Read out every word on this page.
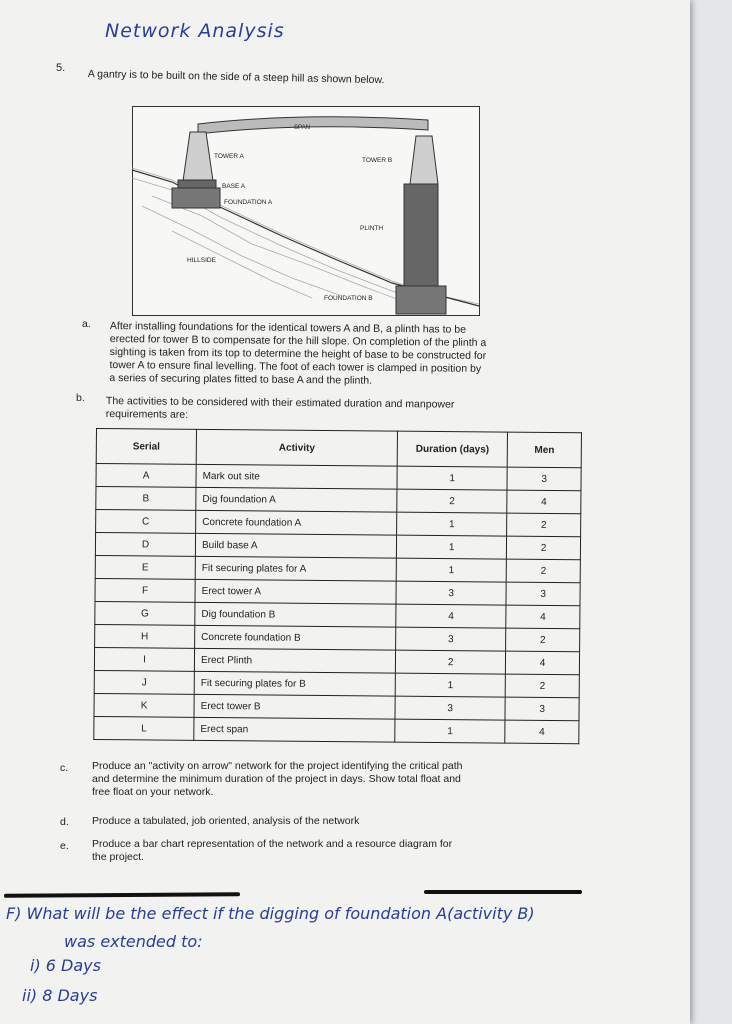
Network Analysis
5. A gantry is to be built on the side of a steep hill as shown below.
SPAN
TOWER A
TOWER B
BASE A
FOUNDATION A
PLINTH
HILLSIDE
FOUNDATION B
a. After installing foundations for the identical towers A and B, a plinth has to be
erected for tower B to compensate for the hill slope. On completion of the plinth a
sighting is taken from its top to determine the height of base to be constructed for
tower A to ensure final levelling. The foot of each tower is clamped in position by
a series of securing plates fitted to base A and the plinth.
b. The activities to be considered with their estimated duration and manpower
requirements are:
Serial	Activity	Duration (days)	Men
A	Mark out site	1	3
B	Dig foundation A	2	4
C	Concrete foundation A	1	2
D	Build base A	1	2
E	Fit securing plates for A	1	2
F	Erect tower A	3	3
G	Dig foundation B	4	4
H	Concrete foundation B	3	2
I	Erect Plinth	2	4
J	Fit securing plates for B	1	2
K	Erect tower B	3	3
L	Erect span	1	4
c. Produce an "activity on arrow" network for the project identifying the critical path
and determine the minimum duration of the project in days. Show total float and
free float on your network.
d. Produce a tabulated, job oriented, analysis of the network
e. Produce a bar chart representation of the network and a resource diagram for
the project.
F) What will be the effect if the digging of foundation A(activity B)
was extended to:
i) 6 Days
ii) 8 Days
